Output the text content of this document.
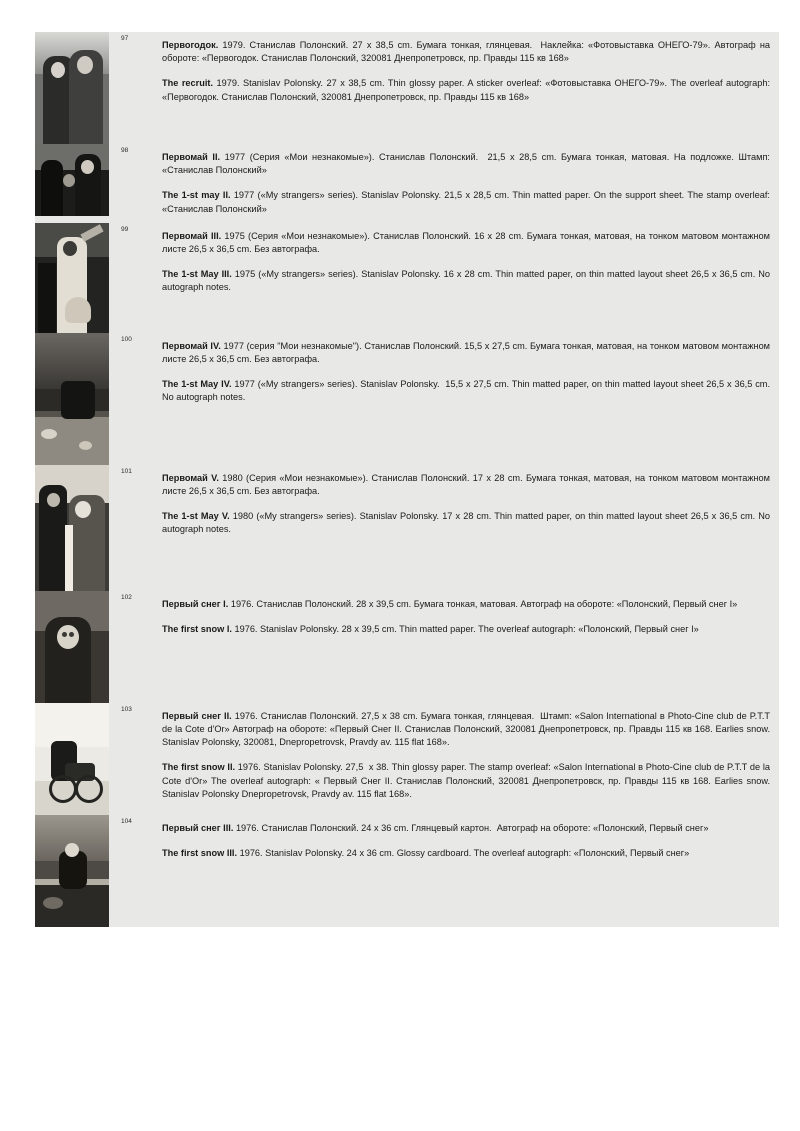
	97	Первогодок. 1979. Станислав Полонский. 27 х 38,5 cm. Бумага тонкая, глянцевая.  Наклейка: «Фотовыставка ОНЕГО-79». Автограф на обороте: «Первогодок. Станислав Полонский, 320081 Днепропетровск, пр. Правды 115 кв 168»

The recruit. 1979. Stanislav Polonsky. 27 х 38,5 cm. Thin glossy paper. A sticker overleaf: «Фотовыставка ОНЕГО-79». The overleaf autograph: «Первогодок. Станислав Полонский, 320081 Днепропетровск, пр. Правды 115 кв 168»

	98	Первомай II. 1977 (Серия «Мои незнакомые»). Станислав Полонский.  21,5 х 28,5 cm. Бумага тонкая, матовая. На подложке. Штамп: «Станислав Полонский»

The 1-st may II. 1977 («My strangers» series). Stanislav Polonsky. 21,5 х 28,5 cm. Thin matted paper. On the support sheet. The stamp overleaf: «Станислав Полонский»

	99	Первомай III. 1975 (Серия «Мои незнакомые»). Станислав Полонский. 16 х 28 cm. Бумага тонкая, матовая, на тонком матовом монтажном листе 26,5 х 36,5 cm. Без автографа.

The 1-st May III. 1975 («My strangers» series). Stanislav Polonsky. 16 х 28 cm. Thin matted paper, on thin matted layout sheet 26,5 х 36,5 cm. No autograph notes.

	100	Первомай IV. 1977 (серия "Мои незнакомые"). Станислав Полонский. 15,5 х 27,5 cm. Бумага тонкая, матовая, на тонком матовом монтажном листе 26,5 х 36,5 cm. Без автографа.

The 1-st May IV. 1977 («My strangers» series). Stanislav Polonsky.  15,5 х 27,5 cm. Thin matted paper, on thin matted layout sheet 26,5 х 36,5 cm. No autograph notes.

	101	Первомай V. 1980 (Серия «Мои незнакомые»). Станислав Полонский. 17 х 28 cm. Бумага тонкая, матовая, на тонком матовом монтажном листе 26,5 х 36,5 cm. Без автографа.

The 1-st May V. 1980 («My strangers» series). Stanislav Polonsky. 17 х 28 cm. Thin matted paper, on thin matted layout sheet 26,5 х 36,5 cm. No autograph notes.

	102	Первый снег I. 1976. Станислав Полонский. 28 х 39,5 cm. Бумага тонкая, матовая. Автограф на обороте: «Полонский, Первый снег I»

The first snow I. 1976. Stanislav Polonsky. 28 х 39,5 cm. Thin matted paper. The overleaf autograph: «Полонский, Первый снег I»

	103	Первый снег II. 1976. Станислав Полонский. 27,5 х 38 cm. Бумага тонкая, глянцевая.  Штамп: «Salon International в Photo-Cine club de P.T.T de la Cote d'Or» Автограф на обороте: «Первый Снег II. Станислав Полонский, 320081 Днепропетровск, пр. Правды 115 кв 168. Earlies snow. Stanislav Polonsky, 320081, Dnepropetrovsk, Pravdy av. 115 flat 168».

The first snow II. 1976. Stanislav Polonsky. 27,5  х 38. Thin glossy paper. The stamp overleaf: «Salon International в Photo-Cine club de P.T.T de la Cote d'Or» The overleaf autograph: « Первый Снег II. Станислав Полонский, 320081 Днепропетровск, пр. Правды 115 кв 168. Earlies snow. Stanislav Polonsky Dnepropetrovsk, Pravdy av. 115 flat 168».

	104	Первый снег III. 1976. Станислав Полонский. 24 х 36 cm. Глянцевый картон.  Автограф на обороте: «Полонский, Первый снег»

The first snow III. 1976. Stanislav Polonsky. 24 х 36 cm. Glossy cardboard. The overleaf autograph: «Полонский, Первый снег»
